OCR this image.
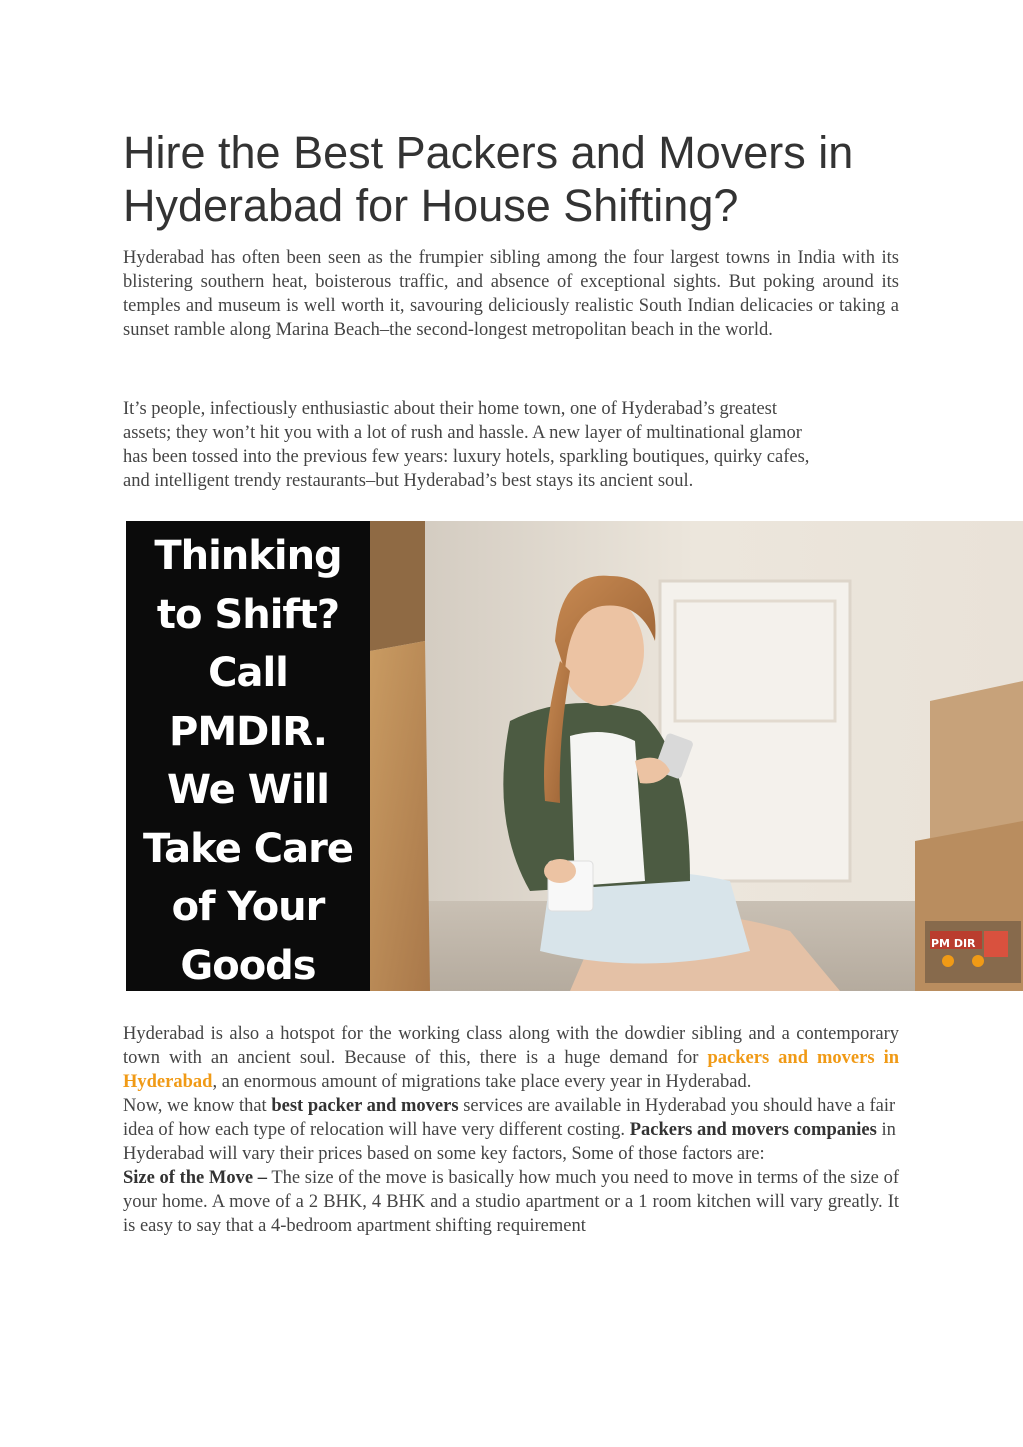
Hire the Best Packers and Movers in
Hyderabad for House Shifting?

Hyderabad has often been seen as the frumpier sibling among the four largest towns in India with its blistering southern heat, boisterous traffic, and absence of exceptional sights. But poking around its temples and museum is well worth it, savouring deliciously realistic South Indian delicacies or taking a sunset ramble along Marina Beach–the second-longest metropolitan beach in the world.

It’s people, infectiously enthusiastic about their home town, one of Hyderabad’s greatest
assets; they won’t hit you with a lot of rush and hassle. A new layer of multinational glamor
has been tossed into the previous few years: luxury hotels, sparkling boutiques, quirky cafes,
and intelligent trendy restaurants–but Hyderabad’s best stays its ancient soul.

Thinking
to Shift?
Call
PMDIR.
We Will
Take Care
of Your
Goods	PM DIR
Hyderabad is also a hotspot for the working class along with the dowdier sibling and a contemporary town with an ancient soul. Because of this, there is a huge demand for packers and movers in Hyderabad, an enormous amount of migrations take place every year in Hyderabad.
Now, we know that best packer and movers services are available in Hyderabad you should have a fair idea of how each type of relocation will have very different costing. Packers and movers companies in Hyderabad will vary their prices based on some key factors, Some of those factors are:
Size of the Move – The size of the move is basically how much you need to move in terms of the size of your home. A move of a 2 BHK, 4 BHK and a studio apartment or a 1 room kitchen will vary greatly. It is easy to say that a 4-bedroom apartment shifting requirement
